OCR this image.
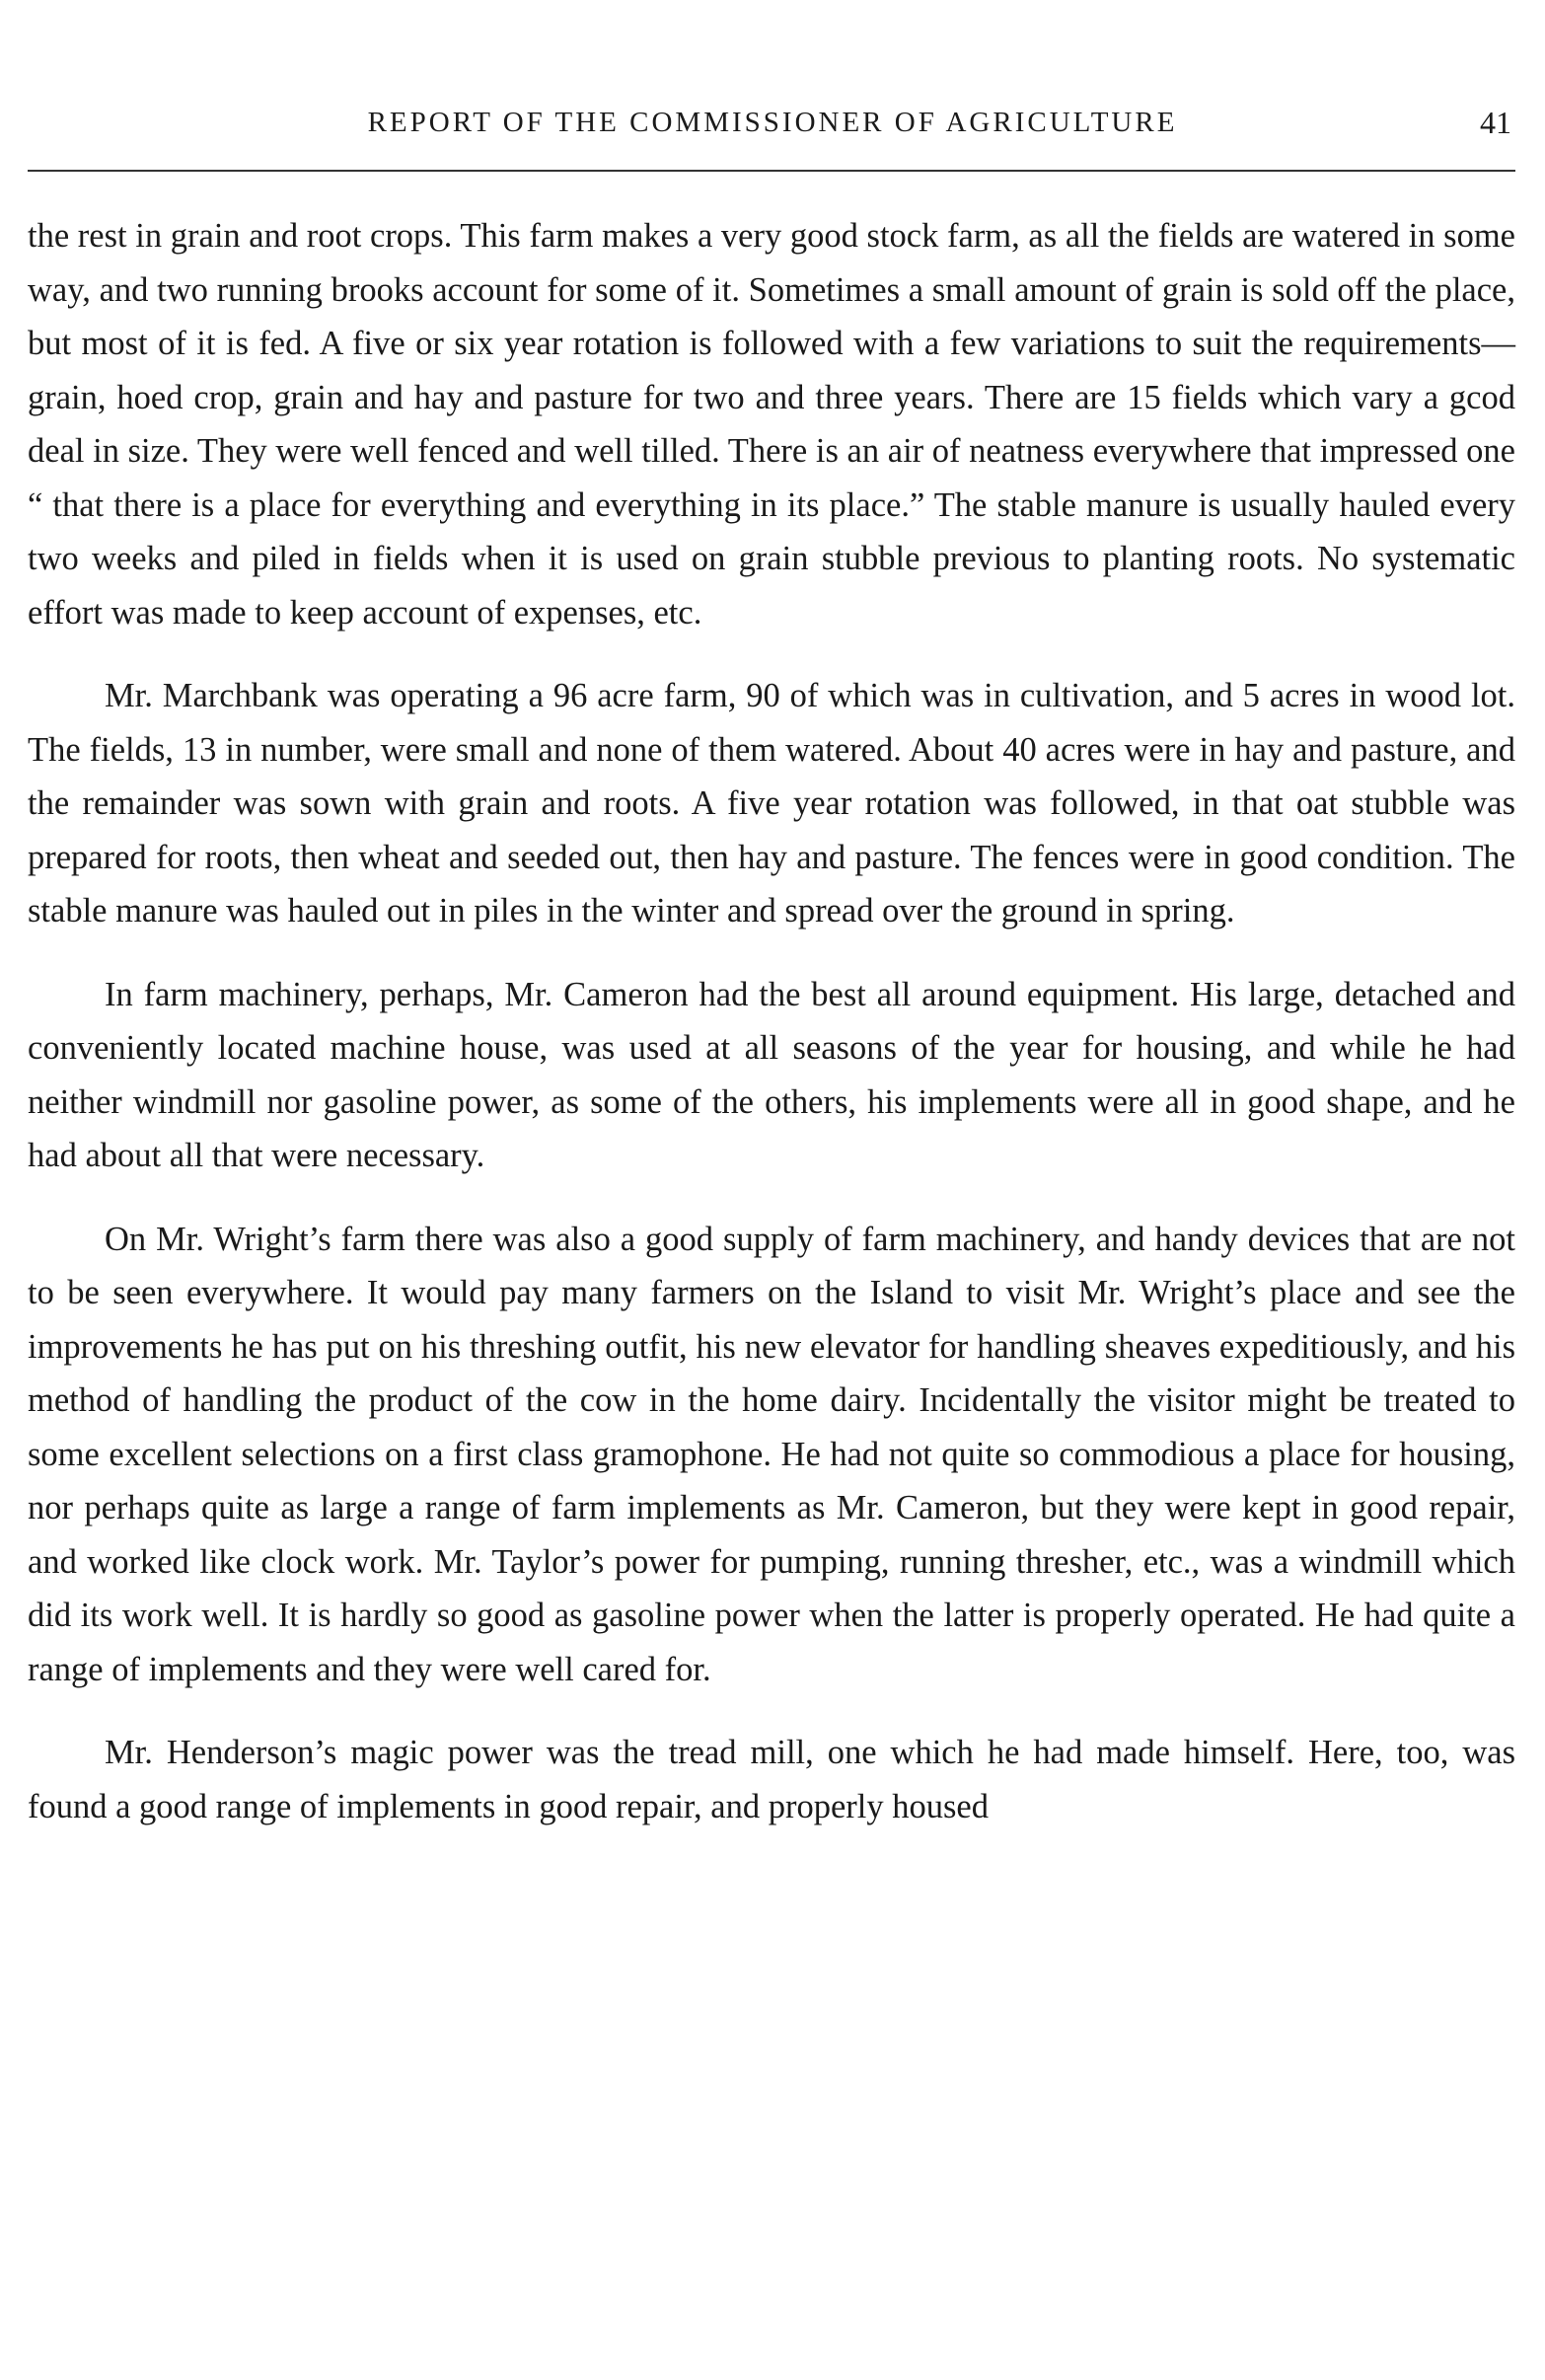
REPORT OF THE COMMISSIONER OF AGRICULTURE	41

the rest in grain and root crops. This farm makes a very good stock farm, as all the fields are watered in some way, and two running brooks account for some of it. Sometimes a small amount of grain is sold off the place, but most of it is fed. A five or six year rotation is followed with a few variations to suit the requirements—grain, hoed crop, grain and hay and pasture for two and three years. There are 15 fields which vary a gcod deal in size. They were well fenced and well tilled. There is an air of neatness everywhere that impressed one “ that there is a place for everything and everything in its place.” The stable manure is usually hauled every two weeks and piled in fields when it is used on grain stubble previous to planting roots. No systematic effort was made to keep account of expenses, etc.

Mr. Marchbank was operating a 96 acre farm, 90 of which was in cultivation, and 5 acres in wood lot. The fields, 13 in number, were small and none of them watered. About 40 acres were in hay and pasture, and the remainder was sown with grain and roots. A five year rotation was followed, in that oat stubble was prepared for roots, then wheat and seeded out, then hay and pasture. The fences were in good condition. The stable manure was hauled out in piles in the winter and spread over the ground in spring.

In farm machinery, perhaps, Mr. Cameron had the best all around equipment. His large, detached and conveniently located machine house, was used at all seasons of the year for housing, and while he had neither windmill nor gasoline power, as some of the others, his implements were all in good shape, and he had about all that were necessary.

On Mr. Wright’s farm there was also a good supply of farm machinery, and handy devices that are not to be seen everywhere. It would pay many farmers on the Island to visit Mr. Wright’s place and see the improvements he has put on his threshing outfit, his new elevator for handling sheaves expeditiously, and his method of handling the product of the cow in the home dairy. Incidentally the visitor might be treated to some excellent selections on a first class gramophone. He had not quite so commodious a place for housing, nor perhaps quite as large a range of farm implements as Mr. Cameron, but they were kept in good repair, and worked like clock work. Mr. Taylor’s power for pumping, running thresher, etc., was a windmill which did its work well. It is hardly so good as gasoline power when the latter is properly operated. He had quite a range of implements and they were well cared for.

Mr. Henderson’s magic power was the tread mill, one which he had made himself. Here, too, was found a good range of implements in good repair, and properly housed
